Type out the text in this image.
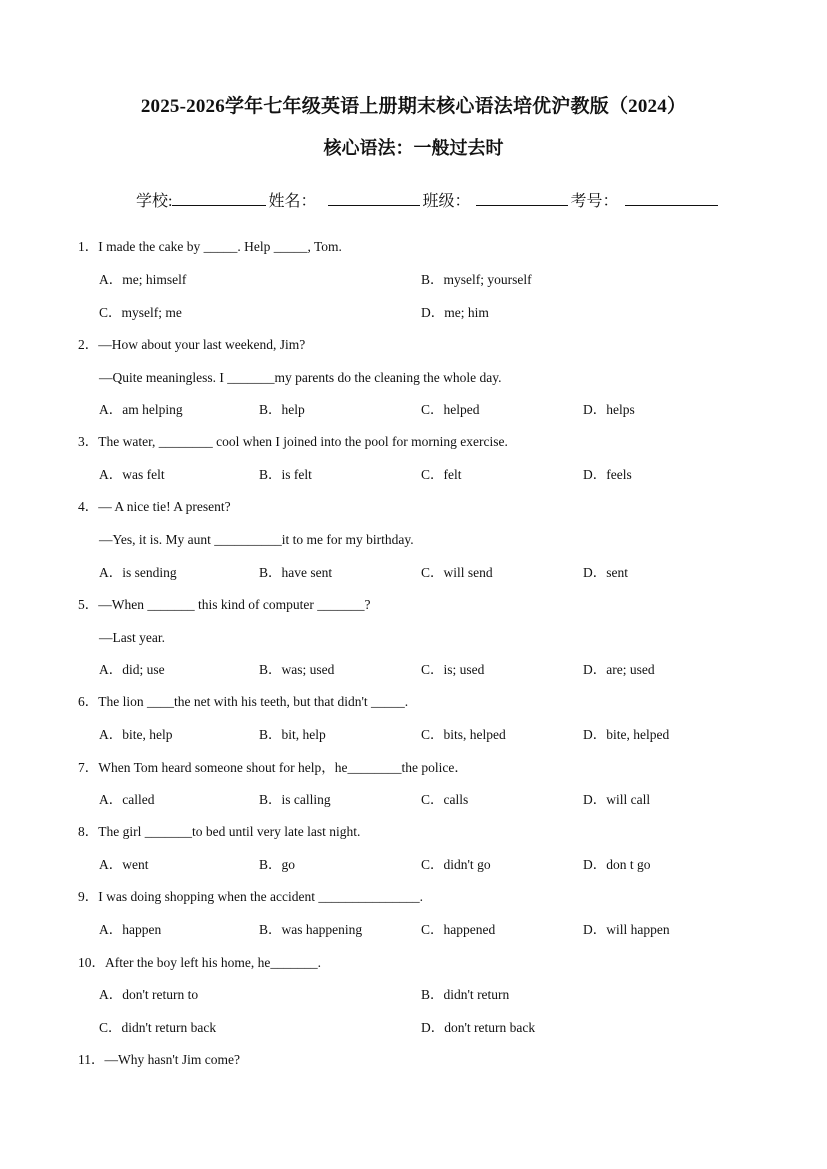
2025-2026学年七年级英语上册期末核心语法培优沪教版（2024）
核心语法：一般过去时
学校:	姓名：	班级：	考号：
1．I made the cake by _____. Help _____, Tom.
A．me; himself	B．myself; yourself
C．myself; me	D．me; him
2．—How about your last weekend, Jim?
—Quite meaningless. I _______my parents do the cleaning the whole day.
A．am helping	B．help	C．helped	D．helps
3．The water, ________ cool when I joined into the pool for morning exercise.
A．was felt	B．is felt	C．felt	D．feels
4．— A nice tie! A present?
—Yes, it is. My aunt __________it to me for my birthday.
A．is sending	B．have sent	C．will send	D．sent
5．—When _______ this kind of computer _______?
—Last year.
A．did; use	B．was; used	C．is; used	D．are; used
6．The lion ____the net with his teeth, but that didn't _____.
A．bite, help	B．bit, help	C．bits, helped	D．bite, helped
7．When Tom heard someone shout for help，he________the police．
A．called	B．is calling	C．calls	D．will call
8．The girl _______to bed until very late last night.
A．went	B．go	C．didn't go	D．don t go
9．I was doing shopping when the accident _______________.
A．happen	B．was happening	C．happened	D．will happen
10．After the boy left his home, he_______.
A．don't return to	B．didn't return
C．didn't return back	D．don't return back
11．—Why hasn't Jim come?
